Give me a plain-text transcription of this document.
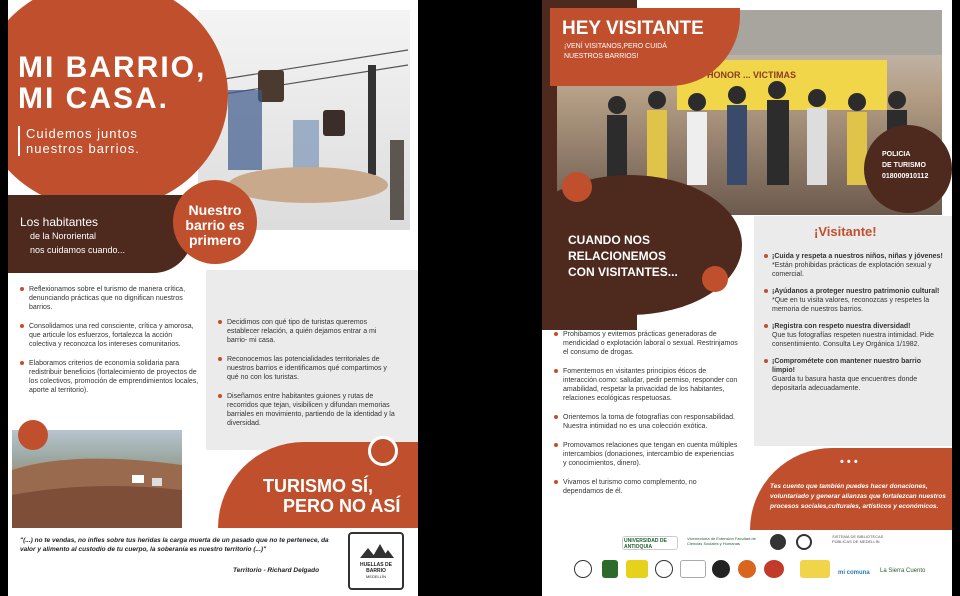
MI BARRIO,
MI CASA.
Cuidemos juntos
nuestros barrios.
Los habitantes
de la Nororiental
nos cuidamos cuando...
Nuestro
barrio es
primero
Reflexionamos sobre el turismo de manera crítica, denunciando prácticas que no dignifican nuestros barrios.
Consolidamos una red consciente, crítica y amorosa, que articule los esfuerzos, fortalezca la acción colectiva y reconozca los intereses comunitarios.
Elaboramos criterios de economía solidaria para redistribuir beneficios (fortalecimiento de proyectos de los colectivos, promoción de emprendimientos locales, aporte al territorio).
Decidimos con qué tipo de turistas queremos establecer relación, a quién dejamos entrar a mi barrio- mi casa.
Reconocemos las potencialidades territoriales de nuestros barrios e identificamos qué compartimos y qué no con los turistas.
Diseñamos entre habitantes guiones y rutas de recorridos que tejan, visibilicen y difundan memorias barriales en movimiento, partiendo de la identidad y la diversidad.
TURISMO SÍ,
PERO NO ASÍ
"(...) no te vendas, no infles sobre tus heridas la carga muerta de un pasado que no te pertenece, da valor y alimento al custodio de tu cuerpo, la soberanía es nuestro territorio (...)"
Territorio - Richard Delgado
HUELLAS DE BARRIO
MEDELLÍN
HONOR ... VICTIMAS
HEY VISITANTE
¡VENÍ VISITANOS,PERO CUIDÁ
NUESTROS BARRIOS!
POLICIA
DE TURISMO
018000910112
CUANDO NOS
RELACIONEMOS
CON VISITANTES...
¡Visitante!
¡Cuida y respeta a nuestros niños, niñas y jóvenes!
*Están prohibidas prácticas de explotación sexual y comercial.
¡Ayúdanos a proteger nuestro patrimonio cultural!
*Que en tu visita valores, reconozcas y respetes la memoria de nuestros barrios.
¡Registra con respeto nuestra diversidad!
Que tus fotografías respeten nuestra intimidad. Pide consentimiento. Consulta Ley Orgánica 1/1982.
¡Comprométete con mantener nuestro barrio limpio!
Guarda tu basura hasta que encuentres donde depositarla adecuadamente.
Prohibamos y evitemos prácticas generadoras de mendicidad o explotación laboral o sexual. Restrinjamos el consumo de drogas.
Fomentemos en visitantes principios éticos de interacción como: saludar, pedir permiso, responder con amabilidad, respetar la privacidad de los habitantes, relaciones ecológicas respetuosas.
Orientemos la toma de fotografías con responsabilidad. Nuestra intimidad no es una colección exótica.
Promovamos relaciones que tengan en cuenta múltiples intercambios (donaciones, intercambio de experiencias y conocimientos, dinero).
Vivamos el turismo como complemento, no dependamos de él.
• • •
Tes cuento que también puedes hacer donaciones, voluntariado y generar alianzas que fortalezcan nuestros procesos sociales,culturales, artísticos y económicos.
UNIVERSIDAD DE ANTIOQUIA
Vicerrectoría de Extensión Facultad de Ciencias Sociales y Humanas
SISTEMA DE BIBLIOTECAS PÚBLICAS DE MEDELLÍN
mi comuna	La Sierra Cuento
